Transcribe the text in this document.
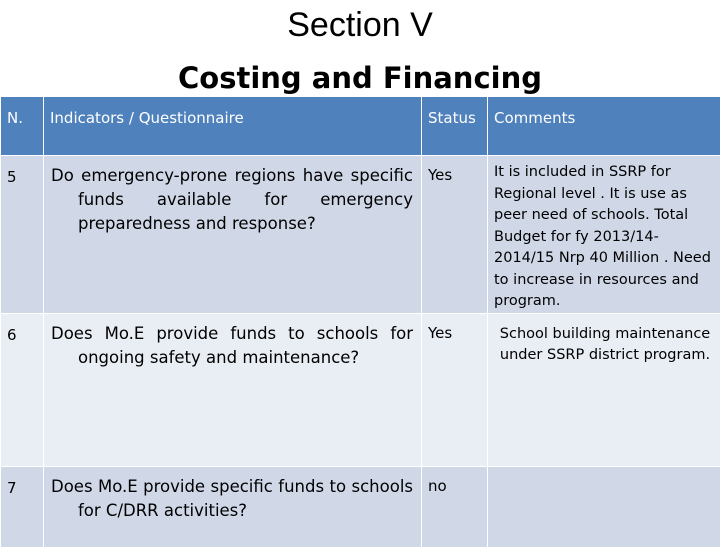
Section V
Costing and Financing
N.	Indicators / Questionnaire	Status	Comments

5	Do emergency-prone regions have specific funds available for emergency preparedness and response?	Yes	It is included in SSRP for Regional level . It is use as peer need of schools. Total Budget for fy 2013/14-2014/15 Nrp 40 Million . Need to increase in resources and program.

6	Does Mo.E provide funds to schools for ongoing safety and maintenance?	Yes	School building maintenance under SSRP district program.

7	Does Mo.E provide specific funds to schools for C/DRR activities?	no	
